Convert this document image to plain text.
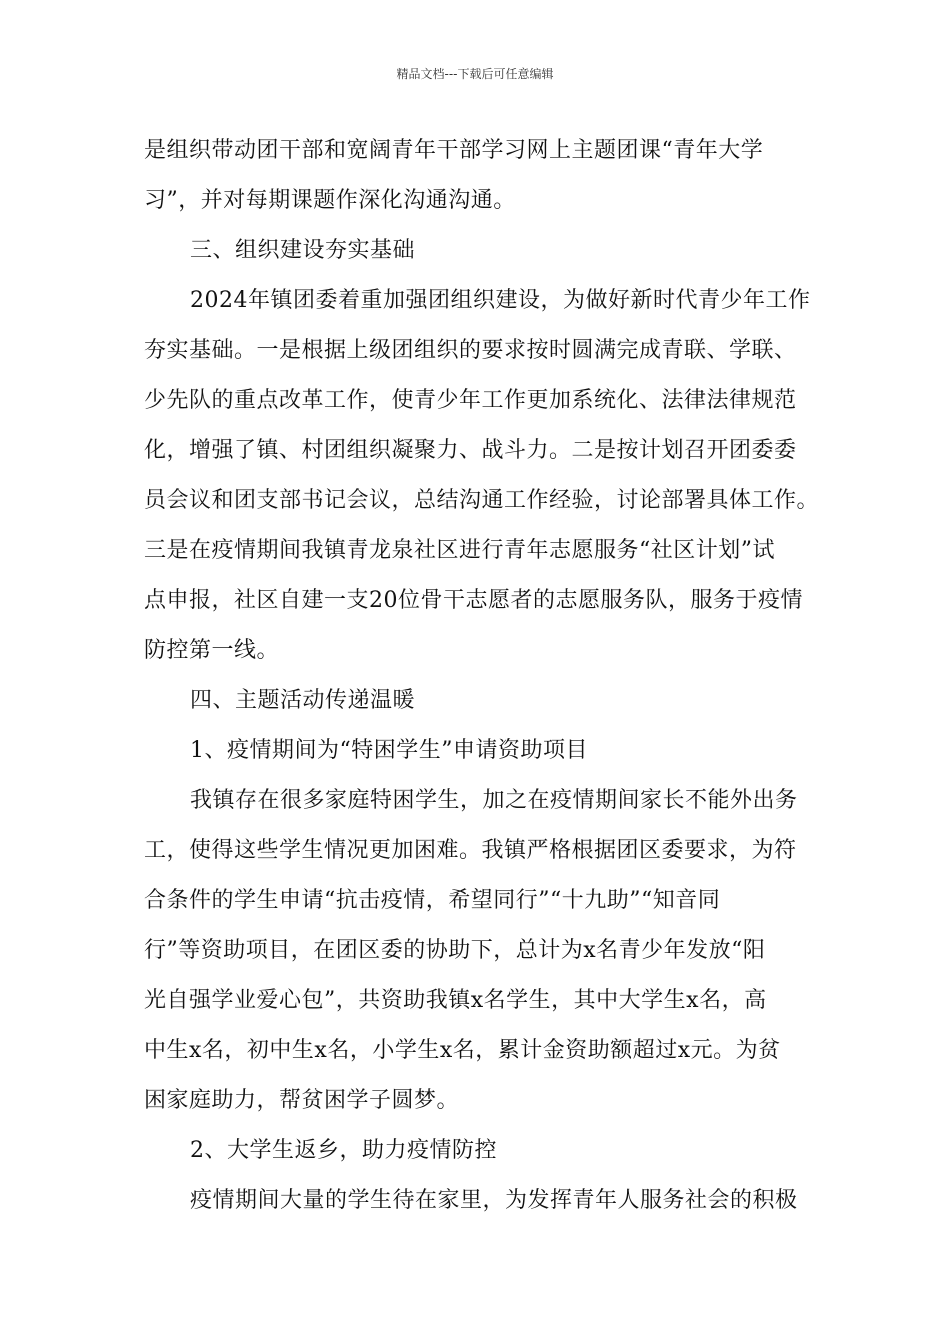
精品文档---下载后可任意编辑
是组织带动团干部和宽阔青年干部学习网上主题团课“青年大学
习”，并对每期课题作深化沟通沟通。
三、组织建设夯实基础
2024年镇团委着重加强团组织建设，为做好新时代青少年工作
夯实基础。一是根据上级团组织的要求按时圆满完成青联、学联、
少先队的重点改革工作，使青少年工作更加系统化、法律法律规范
化，增强了镇、村团组织凝聚力、战斗力。二是按计划召开团委委
员会议和团支部书记会议，总结沟通工作经验，讨论部署具体工作。
三是在疫情期间我镇青龙泉社区进行青年志愿服务“社区计划”试
点申报，社区自建一支20位骨干志愿者的志愿服务队，服务于疫情
防控第一线。
四、主题活动传递温暖
1、疫情期间为“特困学生”申请资助项目
我镇存在很多家庭特困学生，加之在疫情期间家长不能外出务
工，使得这些学生情况更加困难。我镇严格根据团区委要求，为符
合条件的学生申请“抗击疫情，希望同行”“十九助”“知音同
行”等资助项目，在团区委的协助下，总计为x名青少年发放“阳
光自强学业爱心包”，共资助我镇x名学生，其中大学生x名，高
中生x名，初中生x名，小学生x名，累计金资助额超过x元。为贫
困家庭助力，帮贫困学子圆梦。
2、大学生返乡，助力疫情防控
疫情期间大量的学生待在家里，为发挥青年人服务社会的积极
